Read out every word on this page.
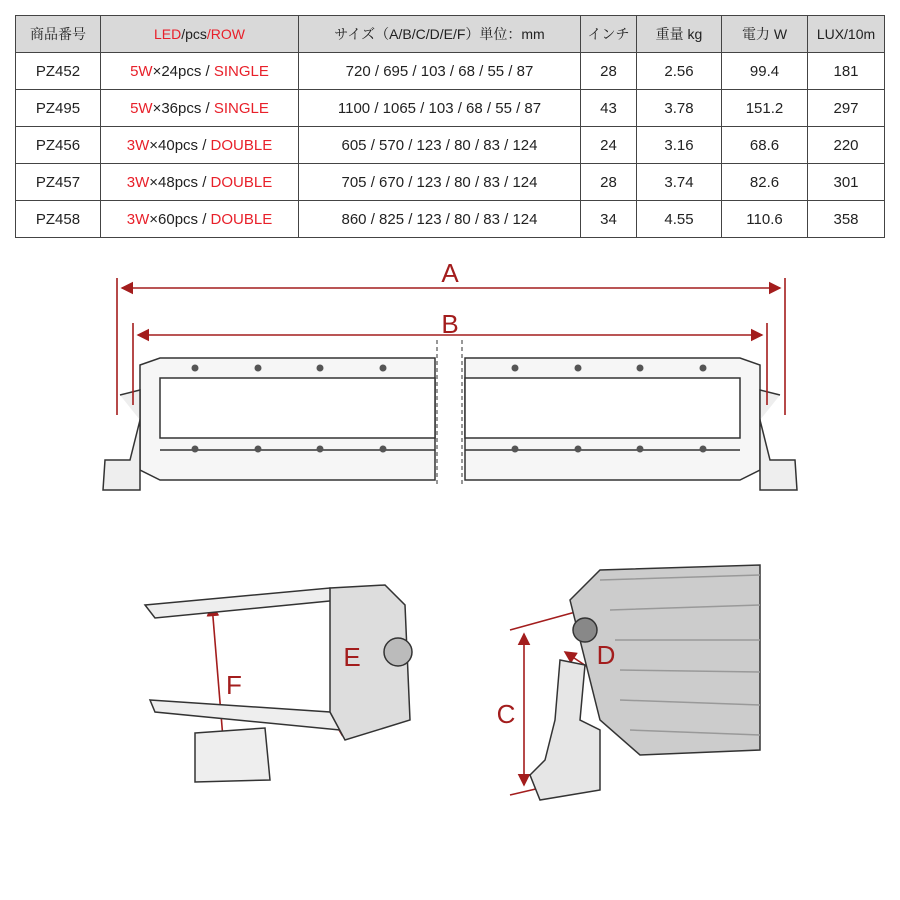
商品番号	LED/pcs/ROW	サイズ（A/B/C/D/E/F）単位：mm	インチ	重量 kg	電力 W	LUX/10m
PZ452	5W×24pcs / SINGLE	720 / 695 / 103 / 68 / 55 / 87	28	2.56	99.4	181
PZ495	5W×36pcs / SINGLE	1100 / 1065 / 103 / 68 / 55 / 87	43	3.78	151.2	297
PZ456	3W×40pcs / DOUBLE	605 / 570 / 123 / 80 / 83 / 124	24	3.16	68.6	220
PZ457	3W×48pcs / DOUBLE	705 / 670 / 123 / 80 / 83 / 124	28	3.74	82.6	301
PZ458	3W×60pcs / DOUBLE	860 / 825 / 123 / 80 / 83 / 124	34	4.55	110.6	358
A
B
C
D
E
F
